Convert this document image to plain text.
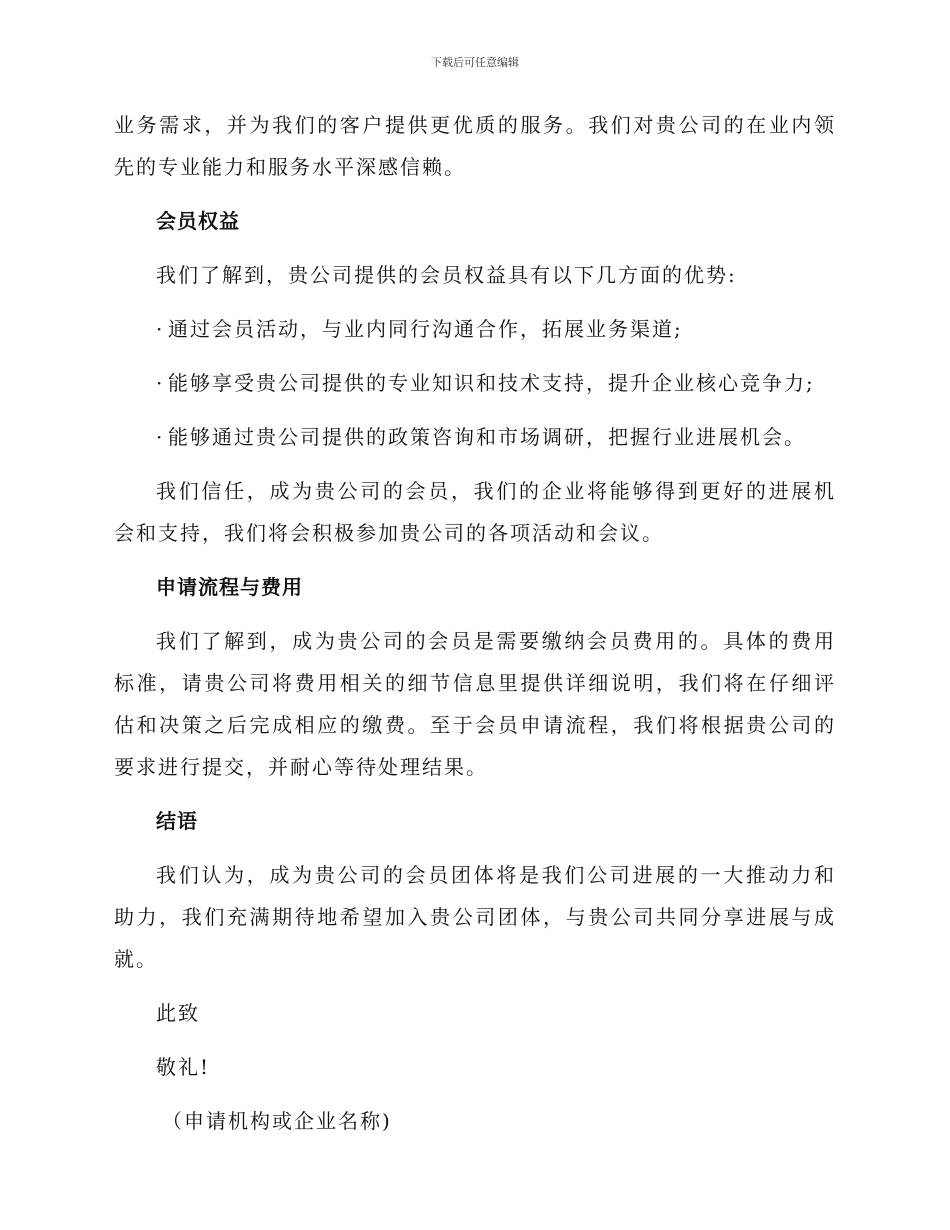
下载后可任意编辑

业务需求，并为我们的客户提供更优质的服务。我们对贵公司的在业内领先的专业能力和服务水平深感信赖。

会员权益

我们了解到，贵公司提供的会员权益具有以下几方面的优势:

· 通过会员活动，与业内同行沟通合作，拓展业务渠道;
· 能够享受贵公司提供的专业知识和技术支持，提升企业核心竞争力;
· 能够通过贵公司提供的政策咨询和市场调研，把握行业进展机会。

我们信任，成为贵公司的会员，我们的企业将能够得到更好的进展机会和支持，我们将会积极参加贵公司的各项活动和会议。

申请流程与费用

我们了解到，成为贵公司的会员是需要缴纳会员费用的。具体的费用标准，请贵公司将费用相关的细节信息里提供详细说明，我们将在仔细评估和决策之后完成相应的缴费。至于会员申请流程，我们将根据贵公司的要求进行提交，并耐心等待处理结果。

结语

我们认为，成为贵公司的会员团体将是我们公司进展的一大推动力和助力，我们充满期待地希望加入贵公司团体，与贵公司共同分享进展与成就。

此致
敬礼!
（申请机构或企业名称)
